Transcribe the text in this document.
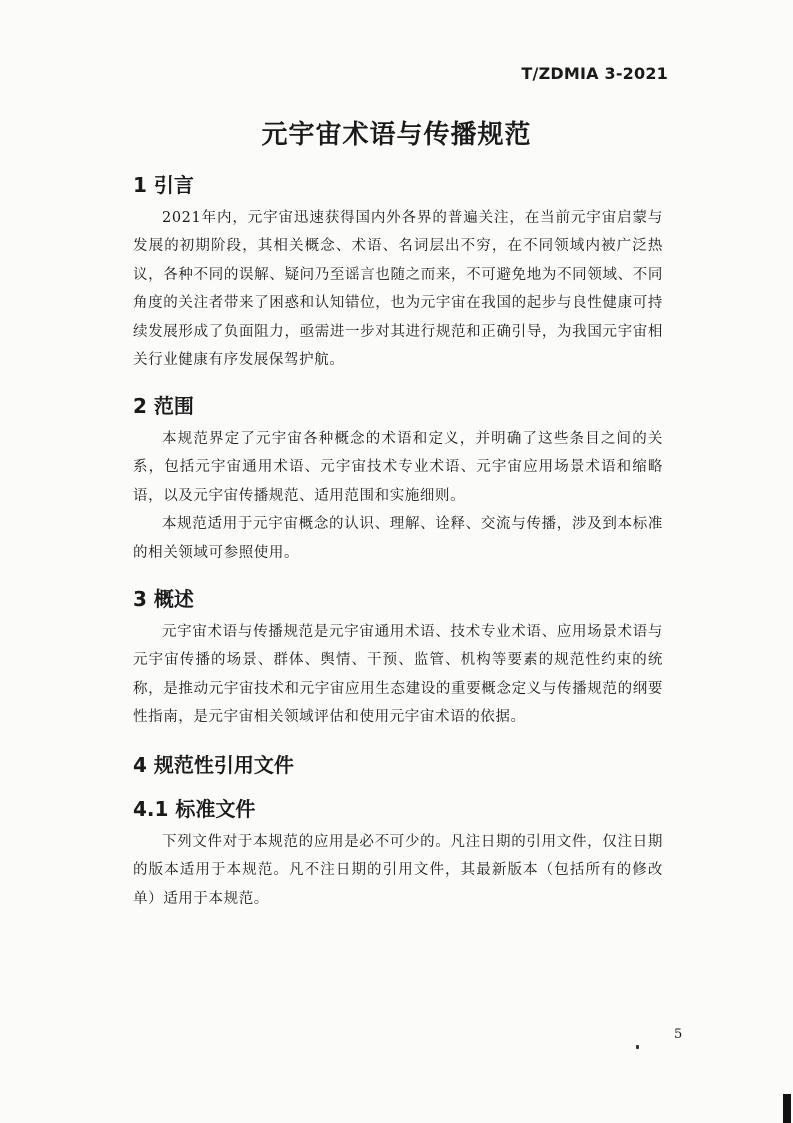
T/ZDMIA 3-2021
元宇宙术语与传播规范
1 引言

2021年内，元宇宙迅速获得国内外各界的普遍关注，在当前元宇宙启蒙与发展的初期阶段，其相关概念、术语、名词层出不穷，在不同领域内被广泛热议，各种不同的误解、疑问乃至谣言也随之而来，不可避免地为不同领域、不同角度的关注者带来了困惑和认知错位，也为元宇宙在我国的起步与良性健康可持续发展形成了负面阻力，亟需进一步对其进行规范和正确引导，为我国元宇宙相关行业健康有序发展保驾护航。

2 范围

本规范界定了元宇宙各种概念的术语和定义，并明确了这些条目之间的关系，包括元宇宙通用术语、元宇宙技术专业术语、元宇宙应用场景术语和缩略语，以及元宇宙传播规范、适用范围和实施细则。

本规范适用于元宇宙概念的认识、理解、诠释、交流与传播，涉及到本标准的相关领域可参照使用。

3 概述

元宇宙术语与传播规范是元宇宙通用术语、技术专业术语、应用场景术语与元宇宙传播的场景、群体、舆情、干预、监管、机构等要素的规范性约束的统称，是推动元宇宙技术和元宇宙应用生态建设的重要概念定义与传播规范的纲要性指南，是元宇宙相关领域评估和使用元宇宙术语的依据。

4 规范性引用文件
4.1 标准文件

下列文件对于本规范的应用是必不可少的。凡注日期的引用文件，仅注日期的版本适用于本规范。凡不注日期的引用文件，其最新版本（包括所有的修改单）适用于本规范。

5
